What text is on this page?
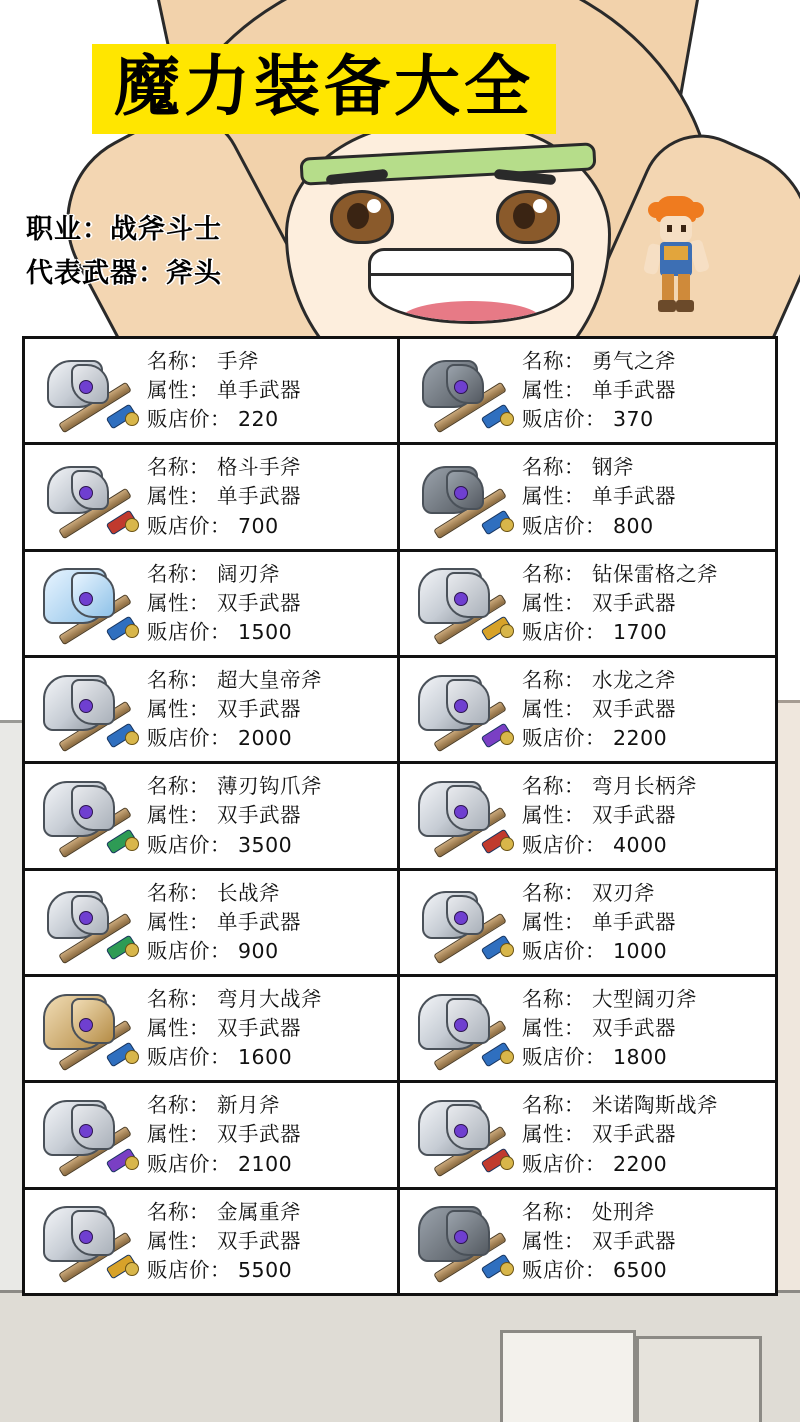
魔力装备大全
职业：战斧斗士
代表武器：斧头
名称： 手斧
属性： 单手武器
贩店价： 220
名称： 勇气之斧
属性： 单手武器
贩店价： 370
名称： 格斗手斧
属性： 单手武器
贩店价： 700
名称： 钢斧
属性： 单手武器
贩店价： 800
名称： 阔刃斧
属性： 双手武器
贩店价： 1500
名称： 钻保雷格之斧
属性： 双手武器
贩店价： 1700
名称： 超大皇帝斧
属性： 双手武器
贩店价： 2000
名称： 水龙之斧
属性： 双手武器
贩店价： 2200
名称： 薄刃钩爪斧
属性： 双手武器
贩店价： 3500
名称： 弯月长柄斧
属性： 双手武器
贩店价： 4000
名称： 长战斧
属性： 单手武器
贩店价： 900
名称： 双刃斧
属性： 单手武器
贩店价： 1000
名称： 弯月大战斧
属性： 双手武器
贩店价： 1600
名称： 大型阔刃斧
属性： 双手武器
贩店价： 1800
名称： 新月斧
属性： 双手武器
贩店价： 2100
名称： 米诺陶斯战斧
属性： 双手武器
贩店价： 2200
名称： 金属重斧
属性： 双手武器
贩店价： 5500
名称： 处刑斧
属性： 双手武器
贩店价： 6500
